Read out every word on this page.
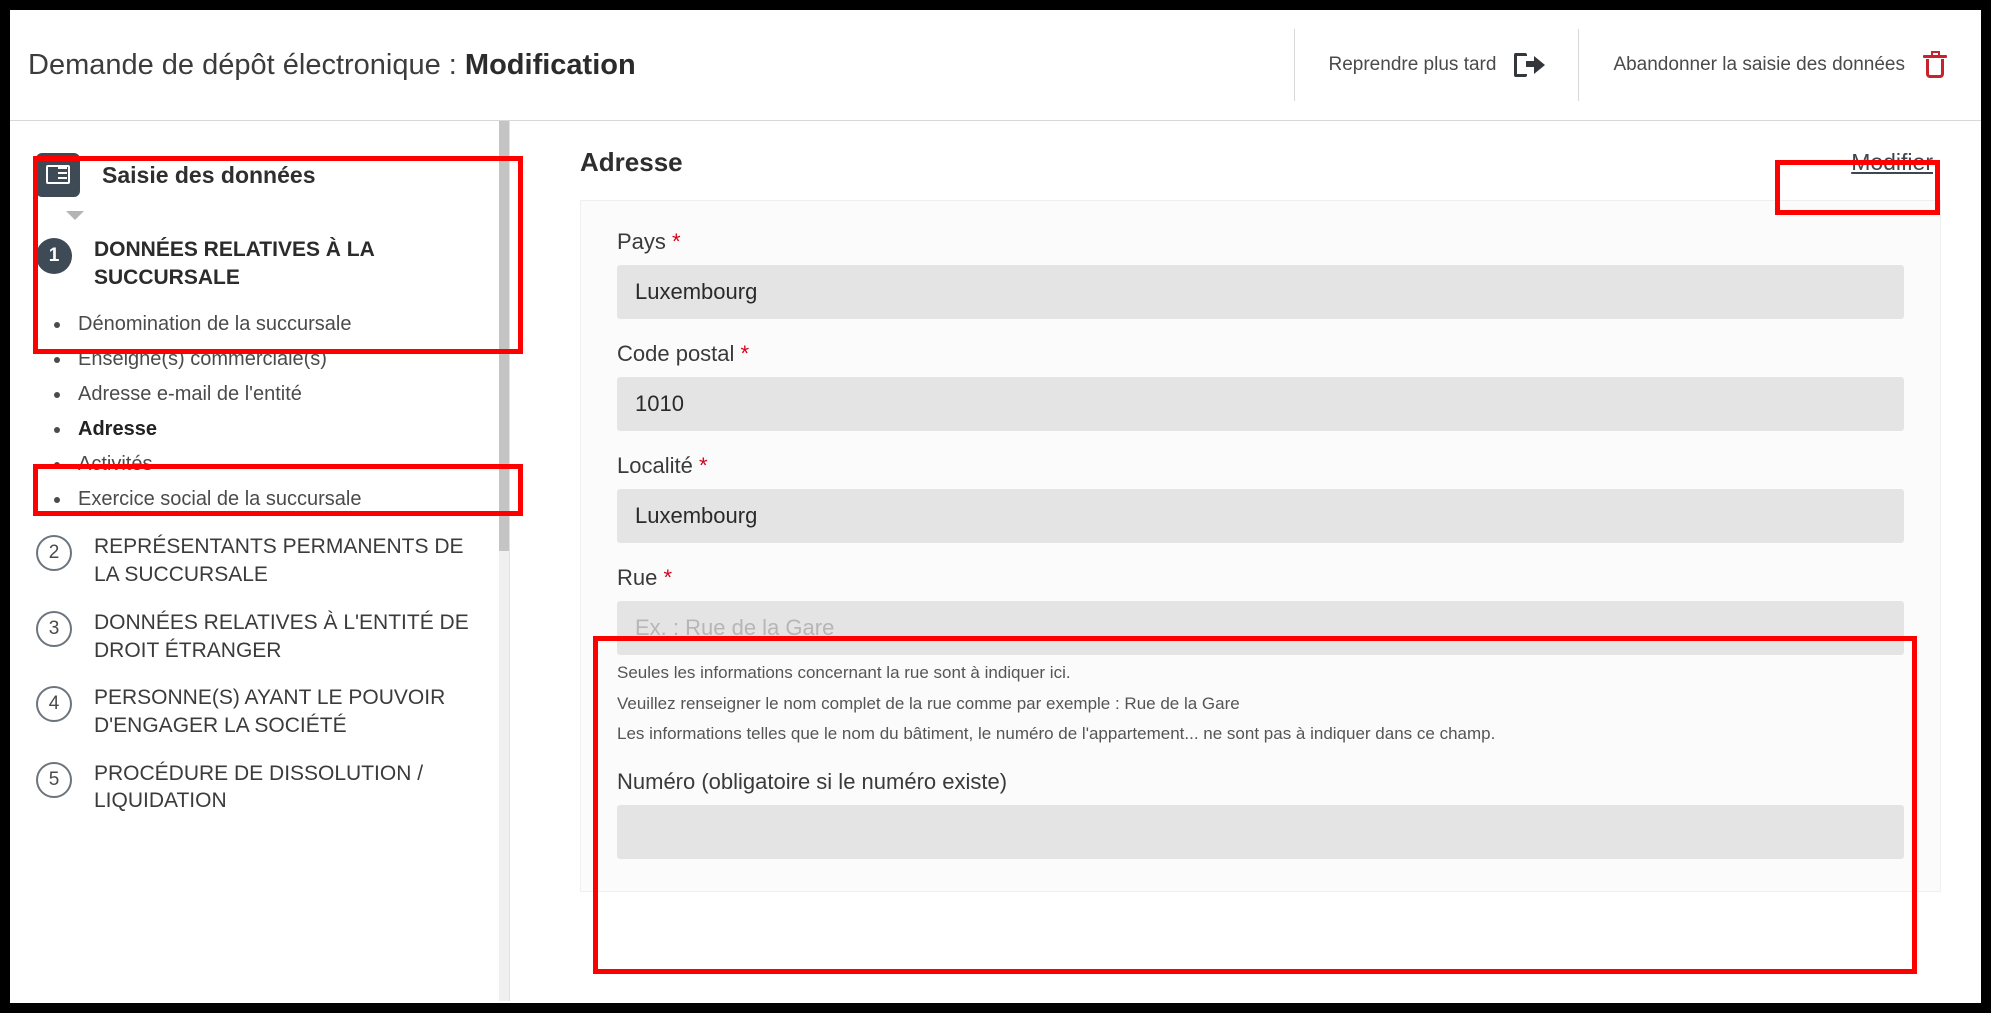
Demande de dépôt électronique : Modification	Reprendre plus tard	Abandonner la saisie des données
Saisie des données
1	DONNÉES RELATIVES À LA SUCCURSALE
Dénomination de la succursale
Enseigne(s) commerciale(s)
Adresse e-mail de l'entité
Adresse
Activités
Exercice social de la succursale
2	REPRÉSENTANTS PERMANENTS DE LA SUCCURSALE
3	DONNÉES RELATIVES À L'ENTITÉ DE DROIT ÉTRANGER
4	PERSONNE(S) AYANT LE POUVOIR D'ENGAGER LA SOCIÉTÉ
5	PROCÉDURE DE DISSOLUTION / LIQUIDATION
Adresse	Modifier
Pays *
Luxembourg
Code postal *
1010
Localité *
Luxembourg
Rue *
Ex. : Rue de la Gare
Seules les informations concernant la rue sont à indiquer ici.
Veuillez renseigner le nom complet de la rue comme par exemple : Rue de la Gare
Les informations telles que le nom du bâtiment, le numéro de l'appartement... ne sont pas à indiquer dans ce champ.
Numéro (obligatoire si le numéro existe)
